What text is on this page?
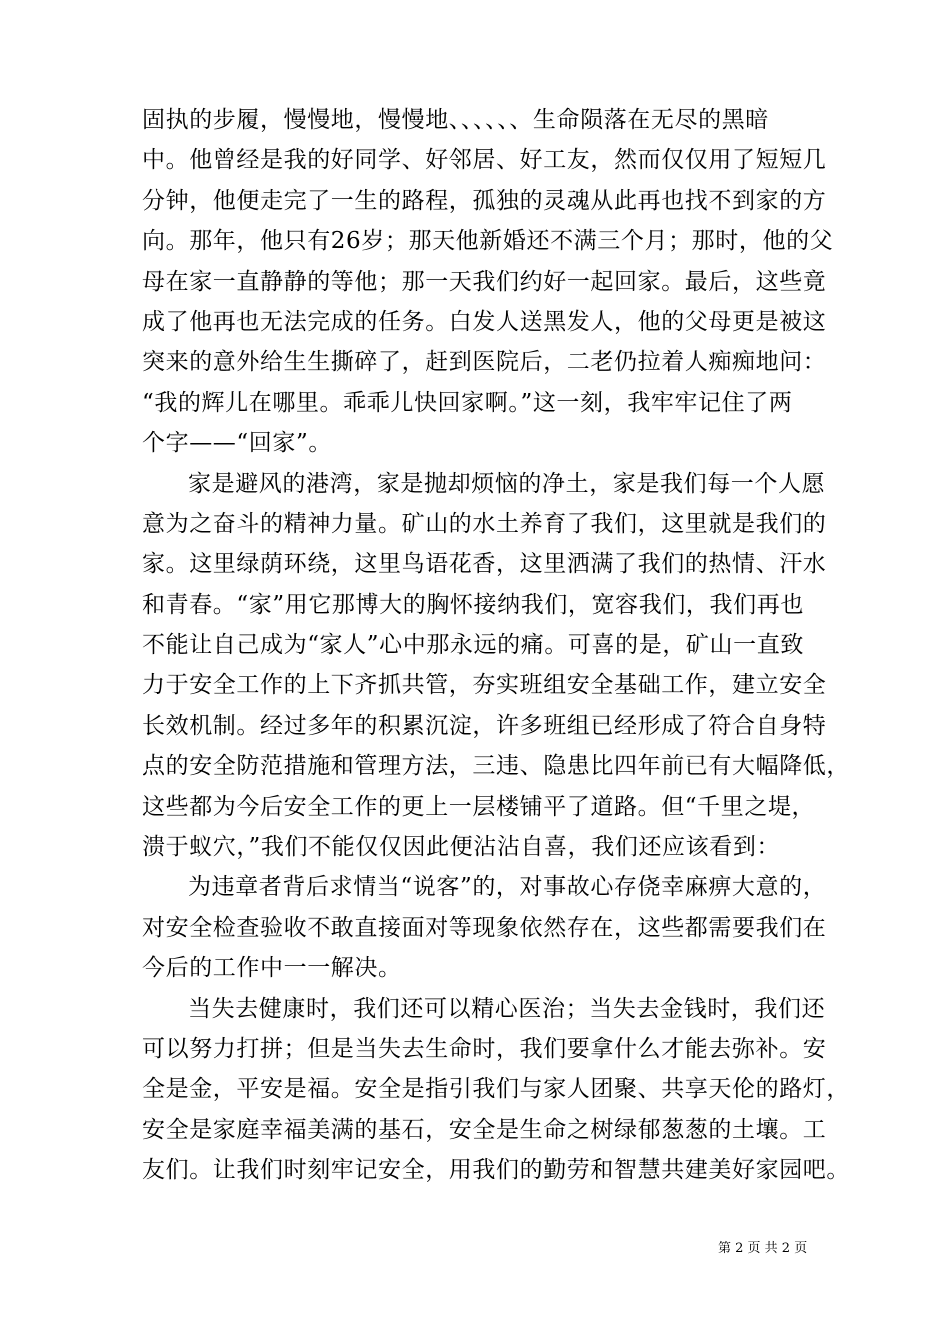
固执的步履，慢慢地，慢慢地、、、、、、生命陨落在无尽的黑暗
中。他曾经是我的好同学、好邻居、好工友，然而仅仅用了短短几
分钟，他便走完了一生的路程，孤独的灵魂从此再也找不到家的方
向。那年，他只有26岁；那天他新婚还不满三个月；那时，他的父
母在家一直静静的等他；那一天我们约好一起回家。最后，这些竟
成了他再也无法完成的任务。白发人送黑发人，他的父母更是被这
突来的意外给生生撕碎了，赶到医院后，二老仍拉着人痴痴地问：
“我的辉儿在哪里。乖乖儿快回家啊。”这一刻，我牢牢记住了两
个字——“回家”。
家是避风的港湾，家是抛却烦恼的净土，家是我们每一个人愿
意为之奋斗的精神力量。矿山的水土养育了我们，这里就是我们的
家。这里绿荫环绕，这里鸟语花香，这里洒满了我们的热情、汗水
和青春。“家”用它那博大的胸怀接纳我们，宽容我们，我们再也
不能让自己成为“家人”心中那永远的痛。可喜的是，矿山一直致
力于安全工作的上下齐抓共管，夯实班组安全基础工作，建立安全
长效机制。经过多年的积累沉淀，许多班组已经形成了符合自身特
点的安全防范措施和管理方法，三违、隐患比四年前已有大幅降低，
这些都为今后安全工作的更上一层楼铺平了道路。但“千里之堤，
溃于蚁穴，”我们不能仅仅因此便沾沾自喜，我们还应该看到：
为违章者背后求情当“说客”的，对事故心存侥幸麻痹大意的，
对安全检查验收不敢直接面对等现象依然存在，这些都需要我们在
今后的工作中一一解决。
当失去健康时，我们还可以精心医治；当失去金钱时，我们还
可以努力打拼；但是当失去生命时，我们要拿什么才能去弥补。安
全是金，平安是福。安全是指引我们与家人团聚、共享天伦的路灯，
安全是家庭幸福美满的基石，安全是生命之树绿郁葱葱的土壤。工
友们。让我们时刻牢记安全，用我们的勤劳和智慧共建美好家园吧。
第 2 页 共 2 页
